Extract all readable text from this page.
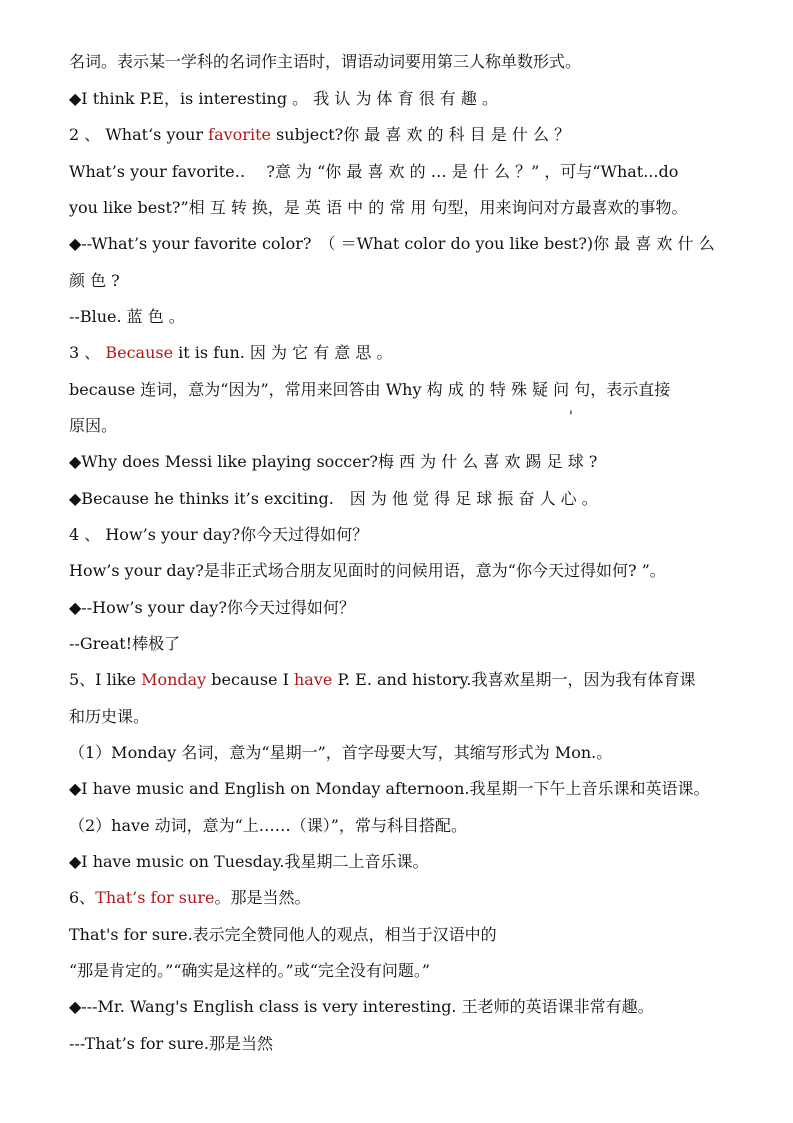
名词。表示某一学科的名词作主语时，谓语动词要用第三人称单数形式。
◆I think P.E，is interesting 。 我 认 为 体 育 很 有 趣 。
2 、 What‘s your favorite subject?你 最 喜 欢 的 科 目 是 什 么 ？
What’s your favorite‥　 ?意 为 “你 最 喜 欢 的 … 是 什 么 ？” ，可与“What...do
you like best?”相 互 转 换，是 英 语 中 的 常 用 句型，用来询问对方最喜欢的事物。
◆--What’s your favorite color?　（ ＝What color do you like best?)你 最 喜 欢 什 么
颜 色 ?
--Blue. 蓝 色 。
3 、 Because it is fun. 因 为 它 有 意 思 。
because 连词，意为“因为”，常用来回答由 Why 构 成 的 特 殊 疑 问 句，表示直接
原因。	'
◆Why does Messi like playing soccer?梅 西 为 什 么 喜 欢 踢 足 球 ?
◆Because he thinks it’s exciting.　因 为 他 觉 得 足 球 振 奋 人 心 。
4 、 How’s your day?你今天过得如何？
How’s your day?是非正式场合朋友见面时的问候用语，意为“你今天过得如何? ”。
◆--How’s your day?你今天过得如何？
--Great!棒极了
5、I like Monday because I have P. E. and history.我喜欢星期一，因为我有体育课
和历史课。
（1）Monday 名词，意为“星期一”，首字母要大写，其缩写形式为 Mon.。
◆I have music and English on Monday afternoon.我星期一下午上音乐课和英语课。
（2）have 动词，意为“上……（课）”，常与科目搭配。
◆I have music on Tuesday.我星期二上音乐课。
6、That’s for sure。那是当然。
That's for sure.表示完全赞同他人的观点，相当于汉语中的
“那是肯定的。”“确实是这样的。”或“完全没有问题。”
◆---Mr. Wang's English class is very interesting. 王老师的英语课非常有趣。
---That’s for sure.那是当然
